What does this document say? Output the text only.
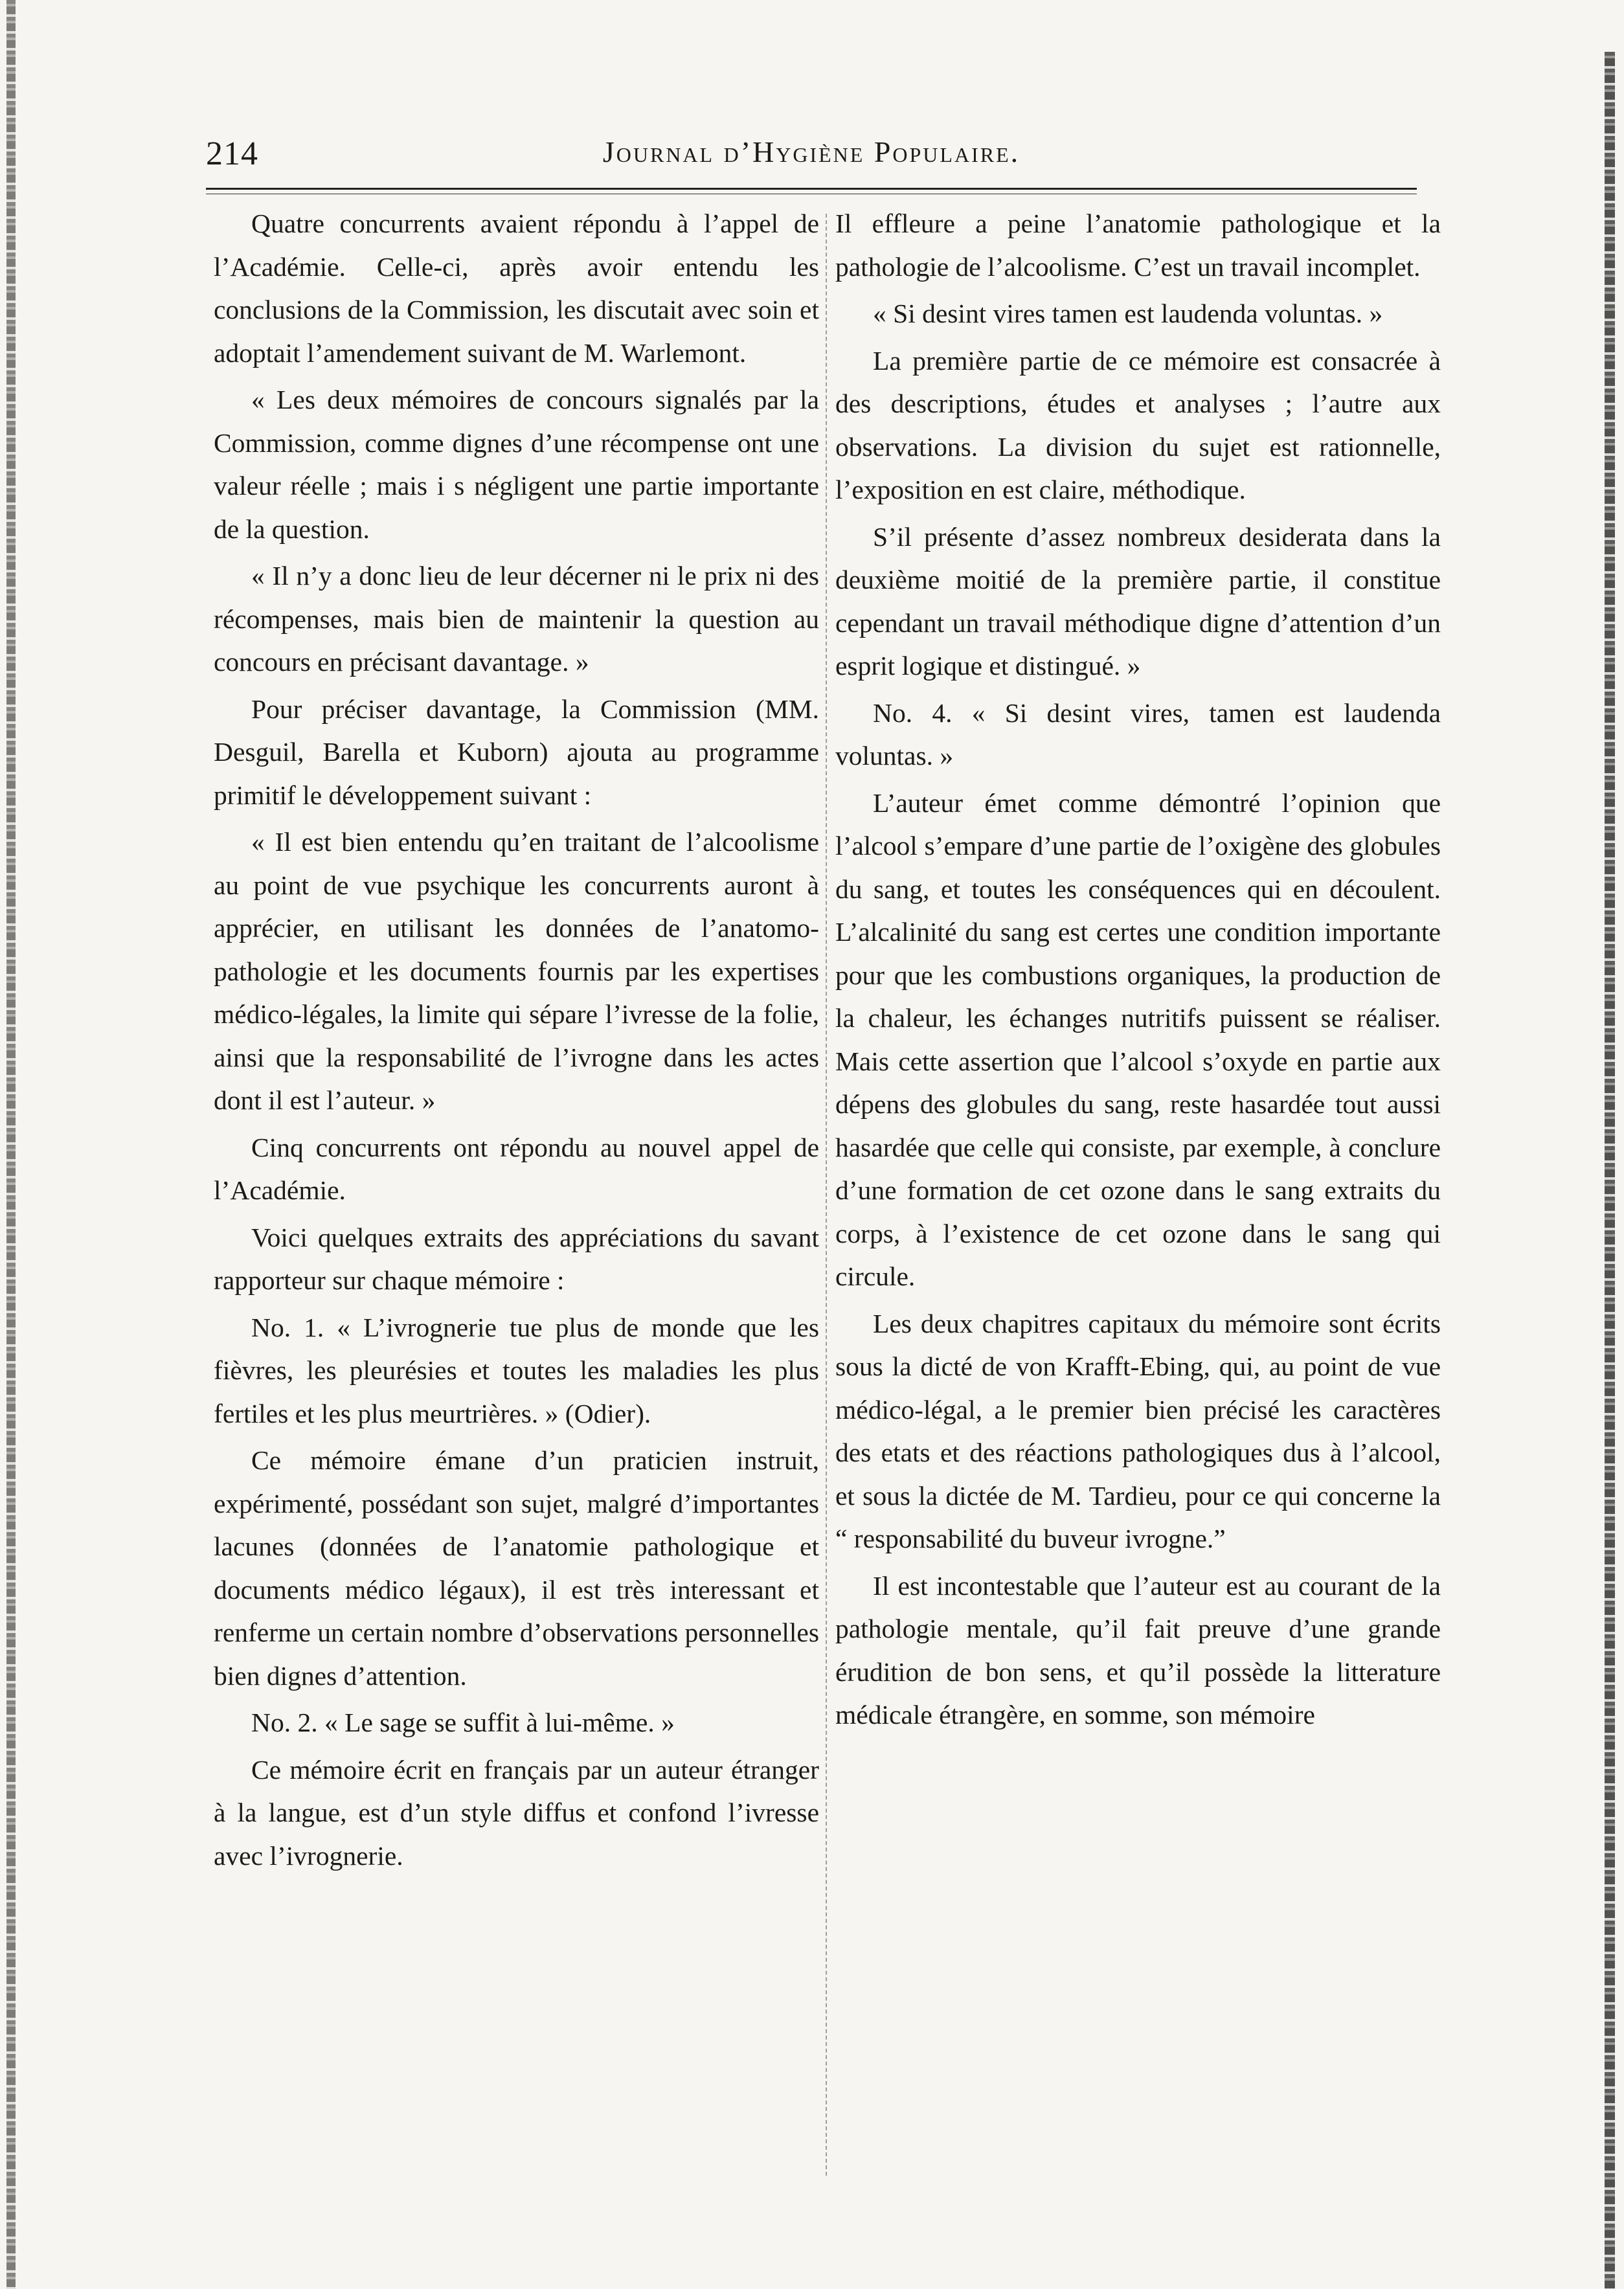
214	Journal d’Hygiène Populaire.

Quatre concurrents avaient répondu à l’appel de l’Académie. Celle-ci, après avoir entendu les conclusions de la Commission, les discutait avec soin et adoptait l’amendement suivant de M. Warlemont.

« Les deux mémoires de concours signalés par la Commission, comme dignes d’une récompense ont une valeur réelle ; mais i s négligent une partie importante de la question.

« Il n’y a donc lieu de leur décerner ni le prix ni des récompenses, mais bien de maintenir la question au concours en précisant davantage. »

Pour préciser davantage, la Commission (MM. Desguil, Barella et Kuborn) ajouta au programme primitif le développement suivant :

« Il est bien entendu qu’en traitant de l’alcoolisme au point de vue psychique les concurrents auront à apprécier, en utilisant les données de l’anatomo-pathologie et les documents fournis par les expertises médico-légales, la limite qui sépare l’ivresse de la folie, ainsi que la responsabilité de l’ivrogne dans les actes dont il est l’auteur. »

Cinq concurrents ont répondu au nouvel appel de l’Académie.

Voici quelques extraits des appréciations du savant rapporteur sur chaque mémoire :

No. 1. « L’ivrognerie tue plus de monde que les fièvres, les pleurésies et toutes les maladies les plus fertiles et les plus meurtrières. » (Odier).

Ce mémoire émane d’un praticien instruit, expérimenté, possédant son sujet, malgré d’importantes lacunes (données de l’anatomie pathologique et documents médico légaux), il est très interessant et renferme un certain nombre d’observations personnelles bien dignes d’attention.

No. 2. « Le sage se suffit à lui-même. »

Ce mémoire écrit en français par un auteur étranger à la langue, est d’un style diffus et confond l’ivresse avec l’ivrognerie.

Il effleure a peine l’anatomie pathologique et la pathologie de l’alcoolisme. C’est un travail incomplet.

« Si desint vires tamen est laudenda voluntas. »

La première partie de ce mémoire est consacrée à des descriptions, études et analyses ; l’autre aux observations. La division du sujet est rationnelle, l’exposition en est claire, méthodique.

S’il présente d’assez nombreux desiderata dans la deuxième moitié de la première partie, il constitue cependant un travail méthodique digne d’attention d’un esprit logique et distingué. »

No. 4. « Si desint vires, tamen est laudenda voluntas. »

L’auteur émet comme démontré l’opinion que l’alcool s’empare d’une partie de l’oxigène des globules du sang, et toutes les conséquences qui en découlent. L’alcalinité du sang est certes une condition importante pour que les combustions organiques, la production de la chaleur, les échanges nutritifs puissent se réaliser. Mais cette assertion que l’alcool s’oxyde en partie aux dépens des globules du sang, reste hasardée tout aussi hasardée que celle qui consiste, par exemple, à conclure d’une formation de cet ozone dans le sang extraits du corps, à l’existence de cet ozone dans le sang qui circule.

Les deux chapitres capitaux du mémoire sont écrits sous la dicté de von Krafft-Ebing, qui, au point de vue médico-légal, a le premier bien précisé les caractères des etats et des réactions pathologiques dus à l’alcool, et sous la dictée de M. Tardieu, pour ce qui concerne la “ responsabilité du buveur ivrogne.”

Il est incontestable que l’auteur est au courant de la pathologie mentale, qu’il fait preuve d’une grande érudition de bon sens, et qu’il possède la litterature médicale étrangère, en somme, son mémoire
